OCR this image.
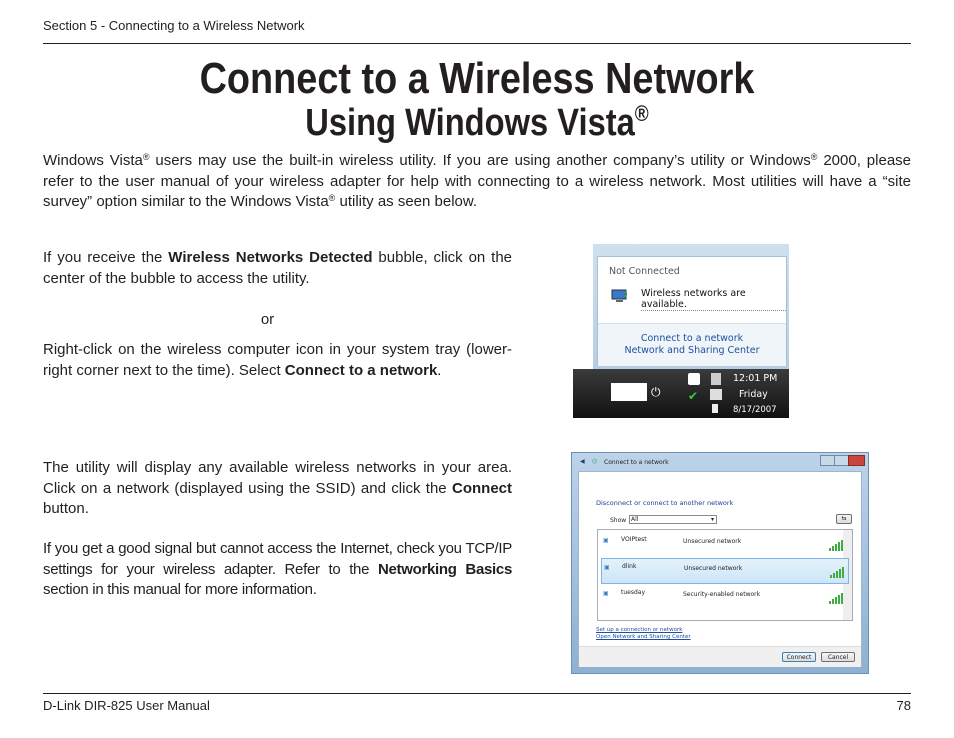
Section 5 - Connecting to a Wireless Network
Connect to a Wireless Network
Using Windows Vista®

Windows Vista® users may use the built-in wireless utility. If you are using another company’s utility or Windows® 2000, please refer to the user manual of your wireless adapter for help with connecting to a wireless network. Most utilities will have a “site survey” option similar to the Windows Vista® utility as seen below.

If you receive the Wireless Networks Detected bubble, click on the center of the bubble to access the utility.

or

Right-click on the wireless computer icon in your system tray (lower-right corner next to the time). Select Connect to a network.

The utility will display any available wireless networks in your area. Click on a network (displayed using the SSID) and click the Connect button.

If you get a good signal but cannot access the Internet, check you TCP/IP settings for your wireless adapter. Refer to the Networking Basics section in this manual for more information.

Not Connected
Wireless networks are available.
Connect to a network
Network and Sharing Center
⏻ ✔
12:01 PM
Friday
8/17/2007
◀ ⌬ Connect to a network
Disconnect or connect to another network
Show All	▾	⇆
▣	VOIPtest	Unsecured network
▣ dlink	Unsecured network
▣ tuesday	Security-enabled network
Set up a connection or network
Open Network and Sharing Center
Connect	Cancel
D-Link DIR-825 User Manual	78
